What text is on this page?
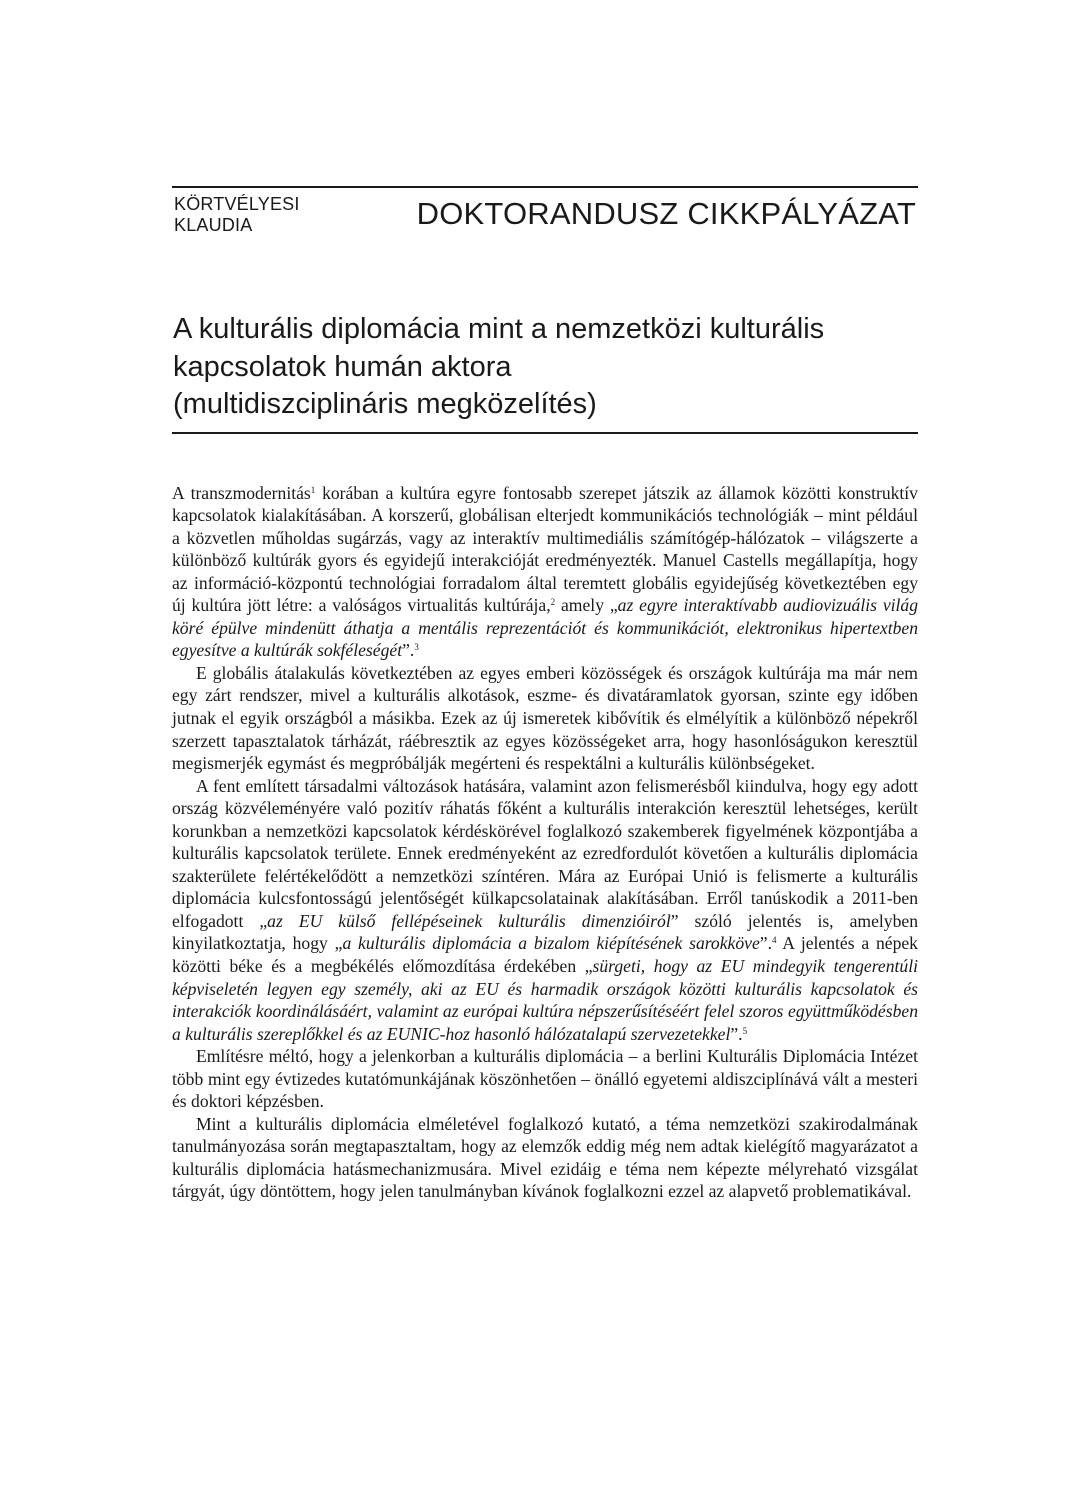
KÖRTVÉLYESI
KLAUDIA	DOKTORANDUSZ CIKKPÁLYÁZAT
A kulturális diplomácia mint a nemzetközi kulturális
kapcsolatok humán aktora
(multidiszciplináris megközelítés)

A transzmodernitás$^1$ korában a kultúra egyre fontosabb szerepet játszik az államok közötti konstruktív kapcsolatok kialakításában. A korszerű, globálisan elterjedt kommunikációs technológiák – mint például a közvetlen műholdas sugárzás, vagy az interaktív multimediális számítógép-hálózatok – világszerte a különböző kultúrák gyors és egyidejű interakcióját eredményezték. Manuel Castells megállapítja, hogy az információ-központú technológiai forradalom által teremtett globális egyidejűség következtében egy új kultúra jött létre: a valóságos virtualitás kultúrája,$^2$ amely „az egyre interaktívabb audiovizuális világ köré épülve mindenütt áthatja a mentális reprezentációt és kommunikációt, elektronikus hipertextben egyesítve a kultúrák sokféleségét”.$^3$

E globális átalakulás következtében az egyes emberi közösségek és országok kultúrája ma már nem egy zárt rendszer, mivel a kulturális alkotások, eszme- és divatáramlatok gyorsan, szinte egy időben jutnak el egyik országból a másikba. Ezek az új ismeretek kibővítik és elmélyítik a különböző népekről szerzett tapasztalatok tárházát, ráébresztik az egyes közösségeket arra, hogy hasonlóságukon keresztül megismerjék egymást és megpróbálják megérteni és respektálni a kulturális különbségeket.

A fent említett társadalmi változások hatására, valamint azon felismerésből kiindulva, hogy egy adott ország közvéleményére való pozitív ráhatás főként a kulturális interakción keresztül lehetséges, került korunkban a nemzetközi kapcsolatok kérdéskörével foglalkozó szakemberek figyelmének központjába a kulturális kapcsolatok területe. Ennek eredményeként az ezredfordulót követően a kulturális diplomácia szakterülete felértékelődött a nemzetközi színtéren. Mára az Európai Unió is felismerte a kulturális diplomácia kulcsfontosságú jelentőségét külkapcsolatainak alakításában. Erről tanúskodik a 2011-ben elfogadott „az EU külső fellépéseinek kulturális dimenzióiról” szóló jelentés is, amelyben kinyilatkoztatja, hogy „a kulturális diplomácia a bizalom kiépítésének sarokköve”.$^4$ A jelentés a népek közötti béke és a megbékélés előmozdítása érdekében „sürgeti, hogy az EU mindegyik tengerentúli képviseletén legyen egy személy, aki az EU és harmadik országok közötti kulturális kapcsolatok és interakciók koordinálásáért, valamint az európai kultúra népszerűsítéséért felel szoros együttműködésben a kulturális szereplőkkel és az EUNIC-hoz hasonló hálózatalapú szervezetekkel”.$^5$

Említésre méltó, hogy a jelenkorban a kulturális diplomácia – a berlini Kulturális Diplomácia Intézet több mint egy évtizedes kutatómunkájának köszönhetően – önálló egyetemi aldiszciplínává vált a mesteri és doktori képzésben.

Mint a kulturális diplomácia elméletével foglalkozó kutató, a téma nemzetközi szakirodalmának tanulmányozása során megtapasztaltam, hogy az elemzők eddig még nem adtak kielégítő magyarázatot a kulturális diplomácia hatásmechanizmusára. Mivel ezidáig e téma nem képezte mélyreható vizsgálat tárgyát, úgy döntöttem, hogy jelen tanulmányban kívánok foglalkozni ezzel az alapvető problematikával.
